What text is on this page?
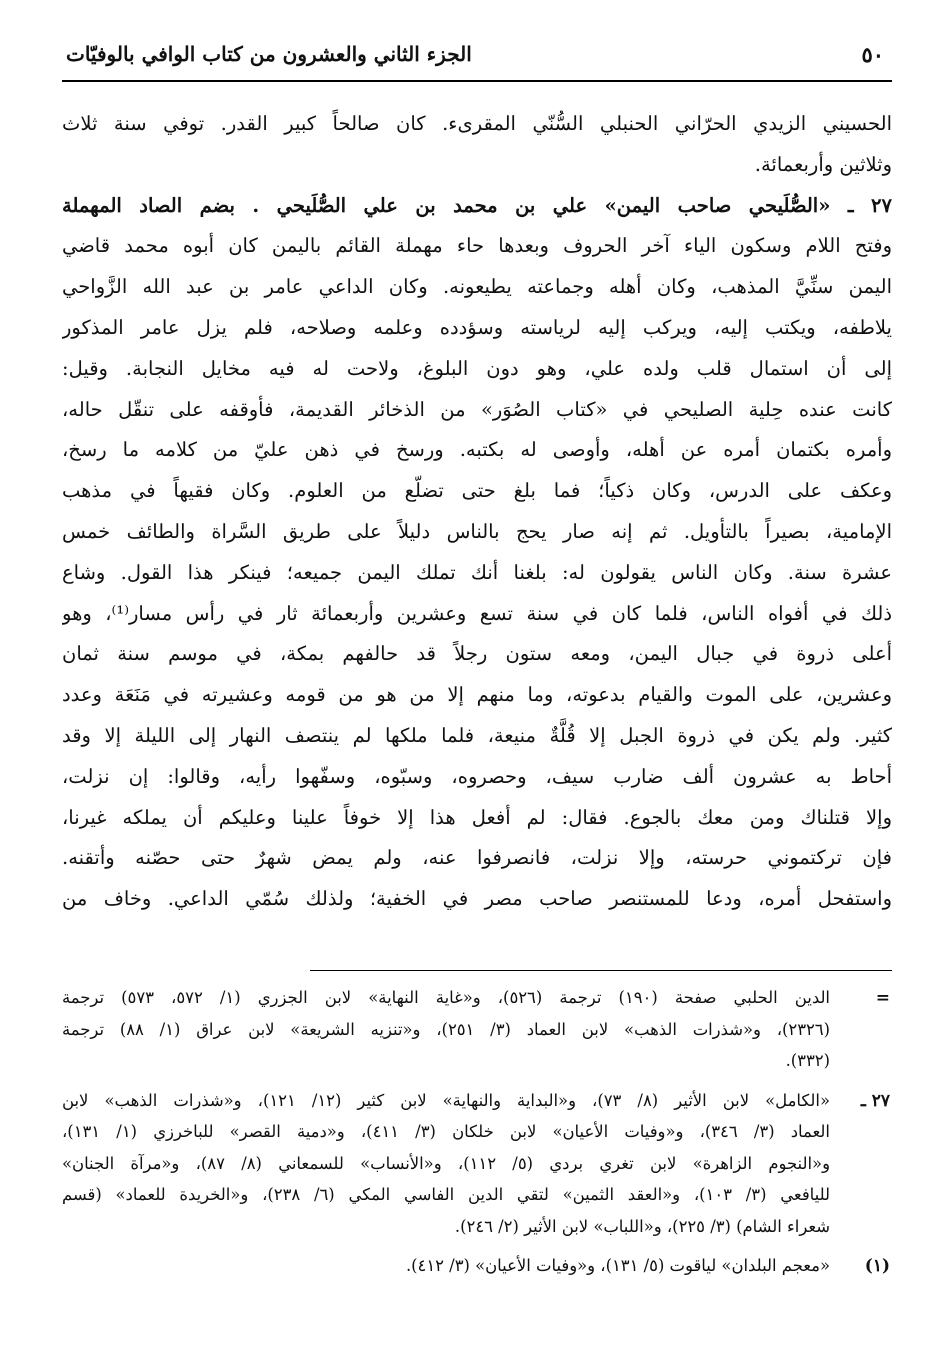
٥٠
الجزء الثاني والعشرون من كتاب الوافي بالوفيّات
الحسيني الزيدي الحرّاني الحنبلي السُّنّي المقرىء. كان صالحاً كبير القدر. توفي سنة ثلاث
وثلاثين وأربعمائة.
٢٧ ـ «الصُّلَيحي صاحب اليمن» علي بن محمد بن علي الصُّلَيحي . بضم الصاد المهملة
وفتح اللام وسكون الياء آخر الحروف وبعدها حاء مهملة القائم باليمن كان أبوه محمد قاضي
اليمن سنِّيَّ المذهب، وكان أهله وجماعته يطيعونه. وكان الداعي عامر بن عبد الله الزَّواحي
يلاطفه، ويكتب إليه، ويركب إليه لرياسته وسؤدده وعلمه وصلاحه، فلم يزل عامر المذكور
إلى أن استمال قلب ولده علي، وهو دون البلوغ، ولاحت له فيه مخايل النجابة. وقيل:
كانت عنده حِلية الصليحي في «كتاب الصُوَر» من الذخائر القديمة، فأوقفه على تنقّل حاله،
وأمره بكتمان أمره عن أهله، وأوصى له بكتبه. ورسخ في ذهن عليّ من كلامه ما رسخ،
وعكف على الدرس، وكان ذكياً؛ فما بلغ حتى تضلّع من العلوم. وكان فقيهاً في مذهب
الإمامية، بصيراً بالتأويل. ثم إنه صار يحج بالناس دليلاً على طريق السَّراة والطائف خمس
عشرة سنة. وكان الناس يقولون له: بلغنا أنك تملك اليمن جميعه؛ فينكر هذا القول. وشاع
ذلك في أفواه الناس، فلما كان في سنة تسع وعشرين وأربعمائة ثار في رأس مسار⁽¹⁾، وهو
أعلى ذروة في جبال اليمن، ومعه ستون رجلاً قد حالفهم بمكة، في موسم سنة ثمان
وعشرين، على الموت والقيام بدعوته، وما منهم إلا من هو من قومه وعشيرته في مَنَعَة وعدد
كثير. ولم يكن في ذروة الجبل إلا قُلَّةٌ منيعة، فلما ملكها لم ينتصف النهار إلى الليلة إلا وقد
أحاط به عشرون ألف ضارب سيف، وحصروه، وسبّوه، وسفّهوا رأيه، وقالوا: إن نزلت،
وإلا قتلناك ومن معك بالجوع. فقال: لم أفعل هذا إلا خوفاً علينا وعليكم أن يملكه غيرنا،
فإن تركتموني حرسته، وإلا نزلت، فانصرفوا عنه، ولم يمض شهرٌ حتى حصّنه وأتقنه.
واستفحل أمره، ودعا للمستنصر صاحب مصر في الخفية؛ ولذلك سُمّي الداعي. وخاف من
=
الدين الحلبي صفحة (١٩٠) ترجمة (٥٢٦)، و«غاية النهاية» لابن الجزري (١/ ٥٧٢، ٥٧٣) ترجمة
(٢٣٢٦)، و«شذرات الذهب» لابن العماد (٣/ ٢٥١)، و«تنزيه الشريعة» لابن عراق (١/ ٨٨) ترجمة
(٣٣٢).
٢٧ ـ
«الكامل» لابن الأثير (٨/ ٧٣)، و«البداية والنهاية» لابن كثير (١٢/ ١٢١)، و«شذرات الذهب» لابن
العماد (٣/ ٣٤٦)، و«وفيات الأعيان» لابن خلكان (٣/ ٤١١)، و«دمية القصر» للباخرزي (١/ ١٣١)،
و«النجوم الزاهرة» لابن تغري بردي (٥/ ١١٢)، و«الأنساب» للسمعاني (٨/ ٨٧)، و«مرآة الجنان»
لليافعي (٣/ ١٠٣)، و«العقد الثمين» لتقي الدين الفاسي المكي (٦/ ٢٣٨)، و«الخريدة للعماد» (قسم
شعراء الشام) (٣/ ٢٢٥)، و«اللباب» لابن الأثير (٢/ ٢٤٦).
(١)
«معجم البلدان» لياقوت (٥/ ١٣١)، و«وفيات الأعيان» (٣/ ٤١٢).
